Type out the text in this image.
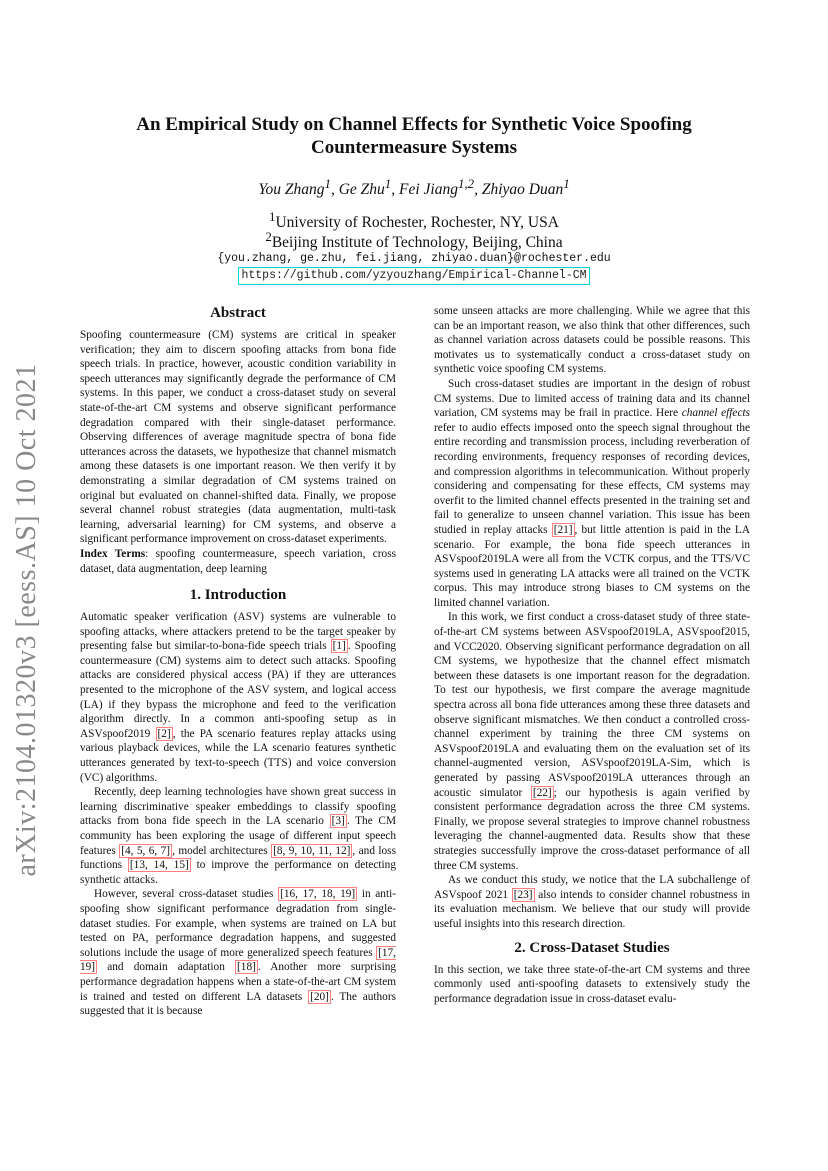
arXiv:2104.01320v3 [eess.AS] 10 Oct 2021
An Empirical Study on Channel Effects for Synthetic Voice Spoofing
Countermeasure Systems
You Zhang$^1$, Ge Zhu$^1$, Fei Jiang$^{1,2}$, Zhiyao Duan$^1$
$^1$University of Rochester, Rochester, NY, USA
$^2$Beijing Institute of Technology, Beijing, China
{you.zhang, ge.zhu, fei.jiang, zhiyao.duan}@rochester.edu
https://github.com/yzyouzhang/Empirical-Channel-CM
Abstract

Spoofing countermeasure (CM) systems are critical in speaker verification; they aim to discern spoofing attacks from bona fide speech trials. In practice, however, acoustic condition variability in speech utterances may significantly degrade the performance of CM systems. In this paper, we conduct a cross-dataset study on several state-of-the-art CM systems and observe significant performance degradation compared with their single-dataset performance. Observing differences of average magnitude spectra of bona fide utterances across the datasets, we hypothesize that channel mismatch among these datasets is one important reason. We then verify it by demonstrating a similar degradation of CM systems trained on original but evaluated on channel-shifted data. Finally, we propose several channel robust strategies (data augmentation, multi-task learning, adversarial learning) for CM systems, and observe a significant performance improvement on cross-dataset experiments.

Index Terms: spoofing countermeasure, speech variation, cross dataset, data augmentation, deep learning

1. Introduction

Automatic speaker verification (ASV) systems are vulnerable to spoofing attacks, where attackers pretend to be the target speaker by presenting false but similar-to-bona-fide speech trials [1] . Spoofing countermeasure (CM) systems aim to detect such attacks. Spoofing attacks are considered physical access (PA) if they are utterances presented to the microphone of the ASV system, and logical access (LA) if they bypass the microphone and feed to the verification algorithm directly. In a common anti-spoofing setup as in ASVspoof2019 [2] , the PA scenario features replay attacks using various playback devices, while the LA scenario features synthetic utterances generated by text-to-speech (TTS) and voice conversion (VC) algorithms.

Recently, deep learning technologies have shown great success in learning discriminative speaker embeddings to classify spoofing attacks from bona fide speech in the LA scenario [3] . The CM community has been exploring the usage of different input speech features [4, 5, 6, 7] , model architectures [8, 9, 10, 11, 12] , and loss functions [13, 14, 15] to improve the performance on detecting synthetic attacks.

However, several cross-dataset studies [16, 17, 18, 19] in anti-spoofing show significant performance degradation from single-dataset studies. For example, when systems are trained on LA but tested on PA, performance degradation happens, and suggested solutions include the usage of more generalized speech features [17, 19] and domain adaptation [18] . Another more surprising performance degradation happens when a state-of-the-art CM system is trained and tested on different LA datasets [20] . The authors suggested that it is because

some unseen attacks are more challenging. While we agree that this can be an important reason, we also think that other differences, such as channel variation across datasets could be possible reasons. This motivates us to systematically conduct a cross-dataset study on synthetic voice spoofing CM systems.

Such cross-dataset studies are important in the design of robust CM systems. Due to limited access of training data and its channel variation, CM systems may be frail in practice. Here channel effects refer to audio effects imposed onto the speech signal throughout the entire recording and transmission process, including reverberation of recording environments, frequency responses of recording devices, and compression algorithms in telecommunication. Without properly considering and compensating for these effects, CM systems may overfit to the limited channel effects presented in the training set and fail to generalize to unseen channel variation. This issue has been studied in replay attacks [21] , but little attention is paid in the LA scenario. For example, the bona fide speech utterances in ASVspoof2019LA were all from the VCTK corpus, and the TTS/VC systems used in generating LA attacks were all trained on the VCTK corpus. This may introduce strong biases to CM systems on the limited channel variation.

In this work, we first conduct a cross-dataset study of three state-of-the-art CM systems between ASVspoof2019LA, ASVspoof2015, and VCC2020. Observing significant performance degradation on all CM systems, we hypothesize that the channel effect mismatch between these datasets is one important reason for the degradation. To test our hypothesis, we first compare the average magnitude spectra across all bona fide utterances among these three datasets and observe significant mismatches. We then conduct a controlled cross-channel experiment by training the three CM systems on ASVspoof2019LA and evaluating them on the evaluation set of its channel-augmented version, ASVspoof2019LA-Sim, which is generated by passing ASVspoof2019LA utterances through an acoustic simulator [22] ; our hypothesis is again verified by consistent performance degradation across the three CM systems. Finally, we propose several strategies to improve channel robustness leveraging the channel-augmented data. Results show that these strategies successfully improve the cross-dataset performance of all three CM systems.

As we conduct this study, we notice that the LA subchallenge of ASVspoof 2021 [23] also intends to consider channel robustness in its evaluation mechanism. We believe that our study will provide useful insights into this research direction.

2. Cross-Dataset Studies

In this section, we take three state-of-the-art CM systems and three commonly used anti-spoofing datasets to extensively study the performance degradation issue in cross-dataset evalu-
